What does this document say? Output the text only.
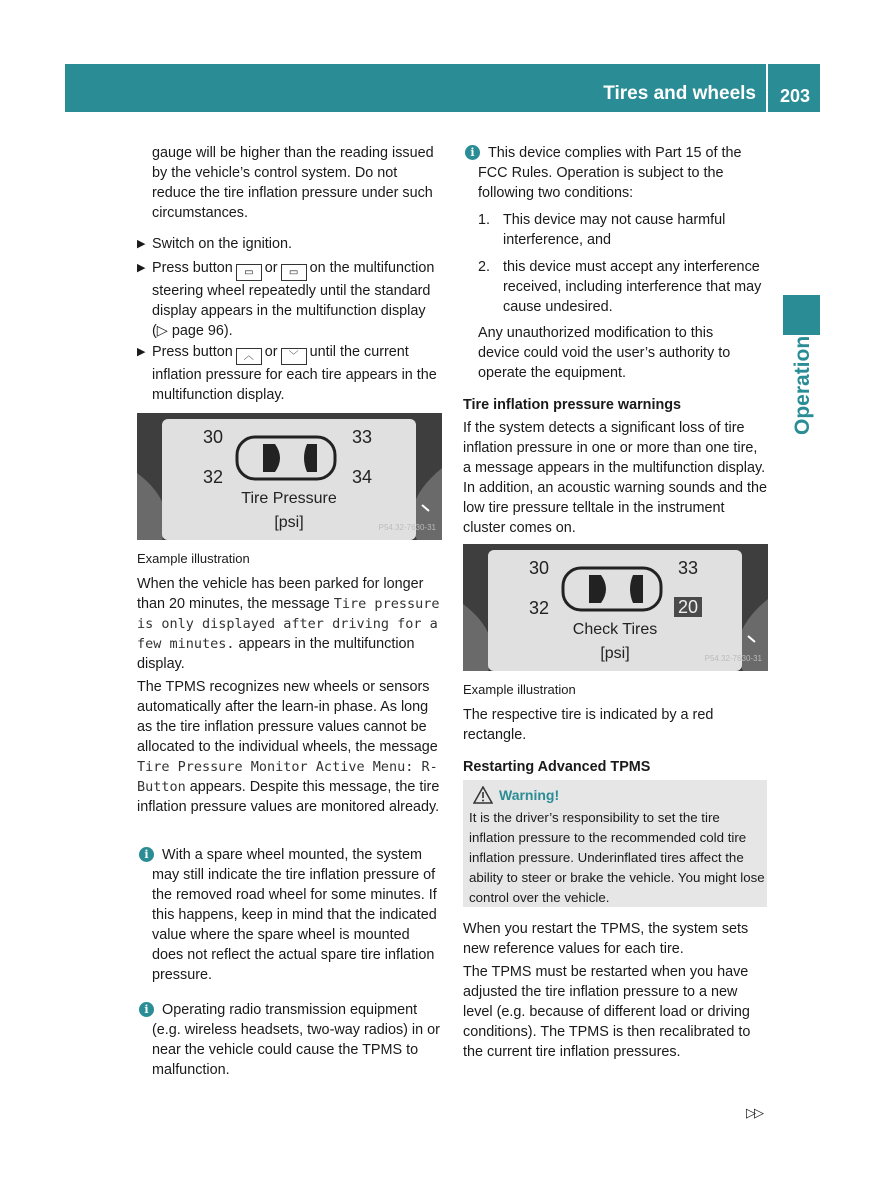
Tires and wheels 203
Operation

gauge will be higher than the reading issued by the vehicle’s control system. Do not reduce the tire inflation pressure under such circumstances.

▶ Switch on the ignition.

▶ Press button ▭ or ▭ on the multifunction steering wheel repeatedly until the standard display appears in the multifunction display (▷ page 96).

▶ Press button ︿ or ﹀ until the current inflation pressure for each tire appears in the multifunction display.

30	33
32	34
Tire Pressure
[psi]	P54.32-7630-31

Example illustration

When the vehicle has been parked for longer than 20 minutes, the message Tire pressure is only displayed after driving for a few minutes. appears in the multifunction display.

The TPMS recognizes new wheels or sensors automatically after the learn-in phase. As long as the tire inflation pressure values cannot be allocated to the individual wheels, the message Tire Pressure Monitor Active Menu: R-Button appears. Despite this message, the tire inflation pressure values are monitored already.

i With a spare wheel mounted, the system may still indicate the tire inflation pressure of the removed road wheel for some minutes. If this happens, keep in mind that the indicated value where the spare wheel is mounted does not reflect the actual spare tire inflation pressure.

i Operating radio transmission equipment (e.g. wireless headsets, two-way radios) in or near the vehicle could cause the TPMS to malfunction.

i This device complies with Part 15 of the FCC Rules. Operation is subject to the following two conditions:

1. This device may not cause harmful interference, and

2. this device must accept any interference received, including interference that may cause undesired.

Any unauthorized modification to this device could void the user’s authority to operate the equipment.

Tire inflation pressure warnings

If the system detects a significant loss of tire inflation pressure in one or more than one tire, a message appears in the multifunction display. In addition, an acoustic warning sounds and the low tire pressure telltale in the instrument cluster comes on.

30	33
32	20
Check Tires
[psi]	P54.32-7630-31

Example illustration

The respective tire is indicated by a red rectangle.

Restarting Advanced TPMS

Warning!

It is the driver’s responsibility to set the tire inflation pressure to the recommended cold tire inflation pressure. Underinflated tires affect the ability to steer or brake the vehicle. You might lose control over the vehicle.

When you restart the TPMS, the system sets new reference values for each tire.

The TPMS must be restarted when you have adjusted the tire inflation pressure to a new level (e.g. because of different load or driving conditions). The TPMS is then recalibrated to the current tire inflation pressures.

▷▷
